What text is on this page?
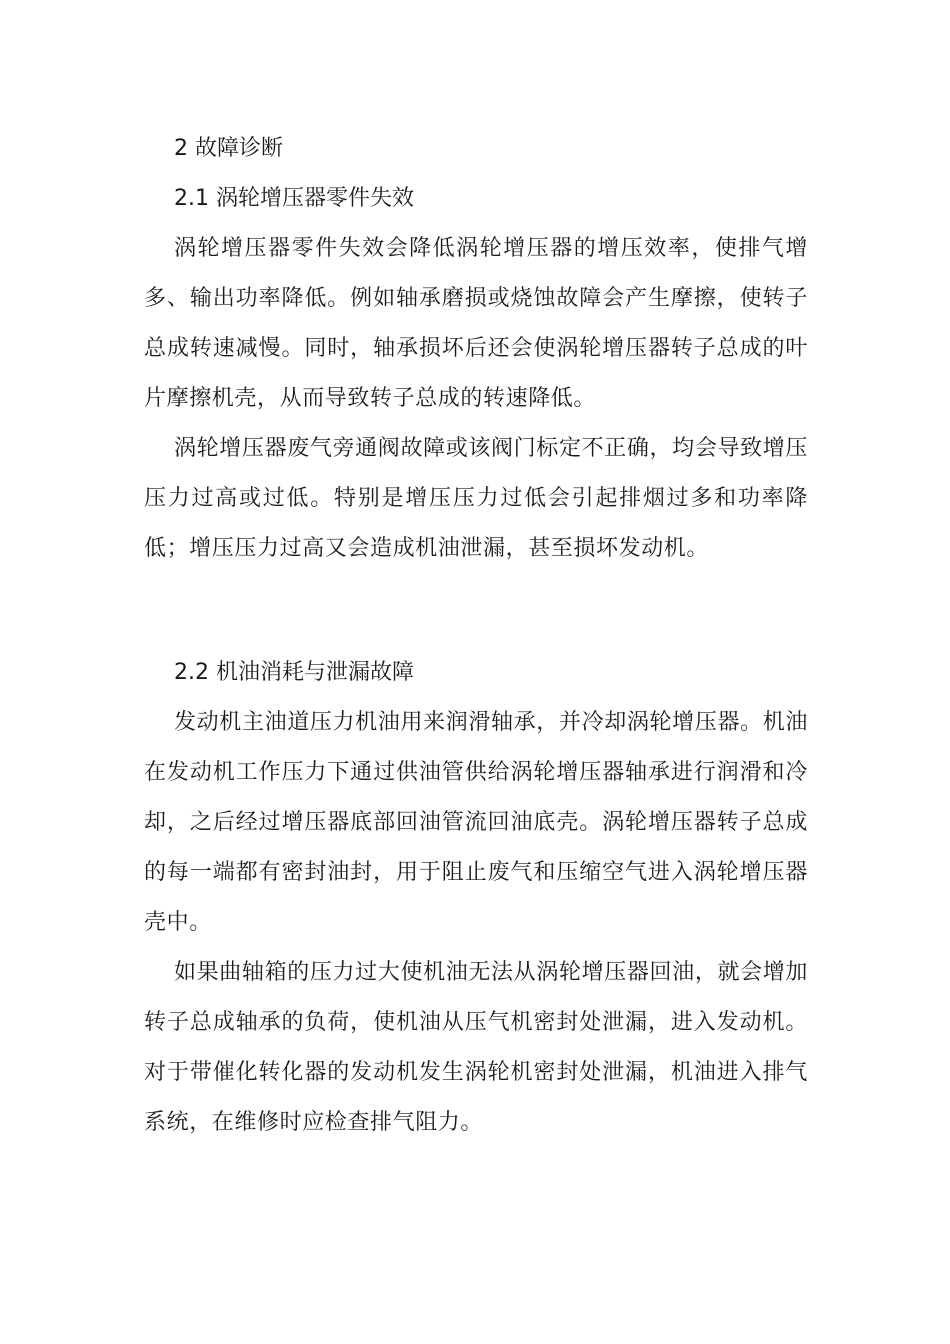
2 故障诊断
2.1 涡轮增压器零件失效

涡轮增压器零件失效会降低涡轮增压器的增压效率，使排气增多、输出功率降低。例如轴承磨损或烧蚀故障会产生摩擦，使转子总成转速减慢。同时，轴承损坏后还会使涡轮增压器转子总成的叶片摩擦机壳，从而导致转子总成的转速降低。

涡轮增压器废气旁通阀故障或该阀门标定不正确，均会导致增压压力过高或过低。特别是增压压力过低会引起排烟过多和功率降低；增压压力过高又会造成机油泄漏，甚至损坏发动机。

2.2 机油消耗与泄漏故障

发动机主油道压力机油用来润滑轴承，并冷却涡轮增压器。机油在发动机工作压力下通过供油管供给涡轮增压器轴承进行润滑和冷却，之后经过增压器底部回油管流回油底壳。涡轮增压器转子总成的每一端都有密封油封，用于阻止废气和压缩空气进入涡轮增压器壳中。

如果曲轴箱的压力过大使机油无法从涡轮增压器回油，就会增加转子总成轴承的负荷，使机油从压气机密封处泄漏，进入发动机。对于带催化转化器的发动机发生涡轮机密封处泄漏，机油进入排气系统，在维修时应检查排气阻力。
